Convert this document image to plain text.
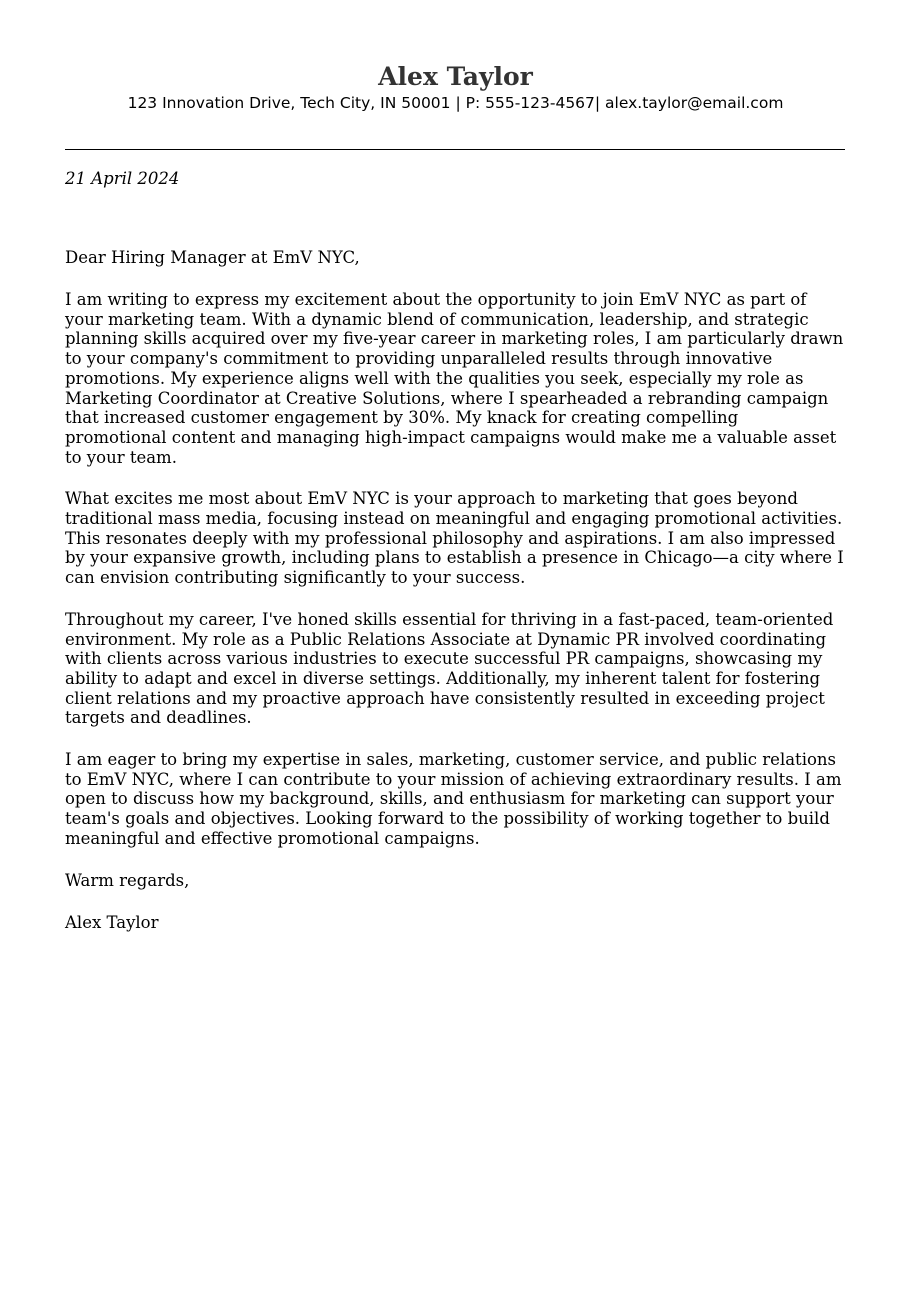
Alex Taylor
123 Innovation Drive, Tech City, IN 50001 | P: 555-123-4567| alex.taylor@email.com
21 April 2024
Dear Hiring Manager at EmV NYC,
I am writing to express my excitement about the opportunity to join EmV NYC as part of your marketing team. With a dynamic blend of communication, leadership, and strategic planning skills acquired over my five-year career in marketing roles, I am particularly drawn to your company's commitment to providing unparalleled results through innovative promotions. My experience aligns well with the qualities you seek, especially my role as Marketing Coordinator at Creative Solutions, where I spearheaded a rebranding campaign that increased customer engagement by 30%. My knack for creating compelling promotional content and managing high-impact campaigns would make me a valuable asset to your team.
What excites me most about EmV NYC is your approach to marketing that goes beyond traditional mass media, focusing instead on meaningful and engaging promotional activities. This resonates deeply with my professional philosophy and aspirations. I am also impressed by your expansive growth, including plans to establish a presence in Chicago—a city where I can envision contributing significantly to your success.
Throughout my career, I've honed skills essential for thriving in a fast-paced, team-oriented environment. My role as a Public Relations Associate at Dynamic PR involved coordinating with clients across various industries to execute successful PR campaigns, showcasing my ability to adapt and excel in diverse settings. Additionally, my inherent talent for fostering client relations and my proactive approach have consistently resulted in exceeding project targets and deadlines.
I am eager to bring my expertise in sales, marketing, customer service, and public relations to EmV NYC, where I can contribute to your mission of achieving extraordinary results. I am open to discuss how my background, skills, and enthusiasm for marketing can support your team's goals and objectives. Looking forward to the possibility of working together to build meaningful and effective promotional campaigns.
Warm regards,
Alex Taylor
